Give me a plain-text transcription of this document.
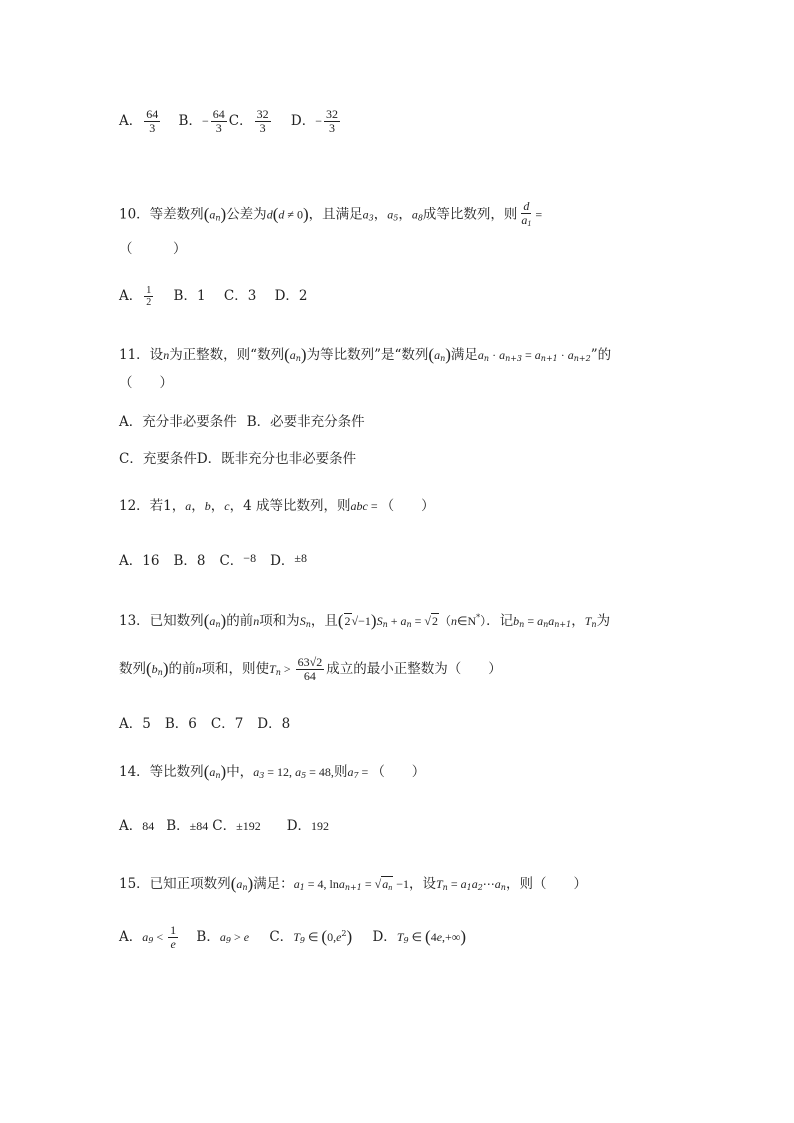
A． $\frac{64}{3}$ B．− $\frac{64}{3}$ C． $\frac{32}{3}$ D．− $\frac{32}{3}$
10．等差数列$(a_n)$公差为d(d ≠ 0)，且满足$a_3$，$a_5$，$a_8$成等比数列，则 $\frac{d}{a_1}$ =
（　　　）
A． $\frac{1}{2}$ B．1 C．3 D．2
11．设n为正整数，则“数列$(a_n)$为等比数列”是“数列$(a_n)$满足$a_n \cdot a_{n+3} = a_{n+1} \cdot a_{n+2}$”的
（　　）
A．充分非必要条件 B．必要非充分条件
C．充要条件D．既非充分也非必要条件
12．若1，a，b，c，4 成等比数列，则abc = （　　）
A．16 B．8 C．−8 D．±8
13．已知数列$(a_n)$的前n项和为$S_n$，且$(2√-1)S_n + a_n$ = √2（n∈N*）．记$b_n = a_na_{n+1}$，$T_n$为
数列$(b_n)$的前n项和，则使$T_n > \frac{63√2}{64}$ 成立的最小正整数为（　　）
A．5 B．6 C．7 D．8
14．等比数列$(a_n)$中，$a_3 = 12$, $a_5 = 48$,则$a_7$ = （　　）
A．84 B．±84 C．±192 D．192
15．已知正项数列$(a_n)$满足：$a_1 = 4$, $\ln a_{n+1} = √a_n -1$，设$T_n$ = $a_1a_2\cdots a_n$，则（　　）
A．$a_9 < \frac{1}{e}$ B．$a_9 > e$ C．$T_9$ ∈ $(0,e^2)$ D．$T_9$ ∈ (4e,+∞)
